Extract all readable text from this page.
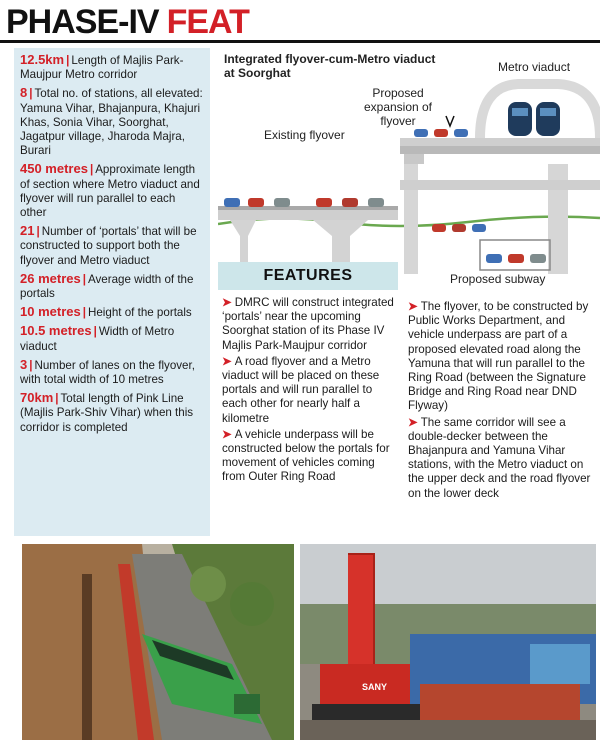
PHASE-IV FEAT
12.5km | Length of Majlis Park-Maujpur Metro corridor
8 | Total no. of stations, all elevated: Yamuna Vihar, Bhajanpura, Khajuri Khas, Sonia Vihar, Soorghat, Jagatpur village, Jharoda Majra, Burari
450 metres | Approximate length of section where Metro viaduct and flyover will run parallel to each other
21 | Number of ‘portals’ that will be constructed to support both the flyover and Metro viaduct
26 metres | Average width of the portals
10 metres | Height of the portals
10.5 metres | Width of Metro viaduct
3 | Number of lanes on the flyover, with total width of 10 metres
70km | Total length of Pink Line (Majlis Park-Shiv Vihar) when this corridor is completed
Integrated flyover-cum-Metro viaduct at Soorghat	Metro viaduct
Proposed expansion of flyover
Existing flyover
Proposed subway
FEATURES
➤ DMRC will construct integrated ‘portals’ near the upcoming Soorghat station of its Phase IV Majlis Park-Maujpur corridor
➤ A road flyover and a Metro viaduct will be placed on these portals and will run parallel to each other for nearly half a kilometre
➤ A vehicle underpass will be constructed below the portals for movement of vehicles coming from Outer Ring Road
➤ The flyover, to be constructed by Public Works Department, and vehicle underpass are part of a proposed elevated road along the Yamuna that will run parallel to the Ring Road (between the Signature Bridge and Ring Road near DND Flyway)
➤ The same corridor will see a double-decker between the Bhajanpura and Yamuna Vihar stations, with the Metro viaduct on the upper deck and the road flyover on the lower deck
SANY
